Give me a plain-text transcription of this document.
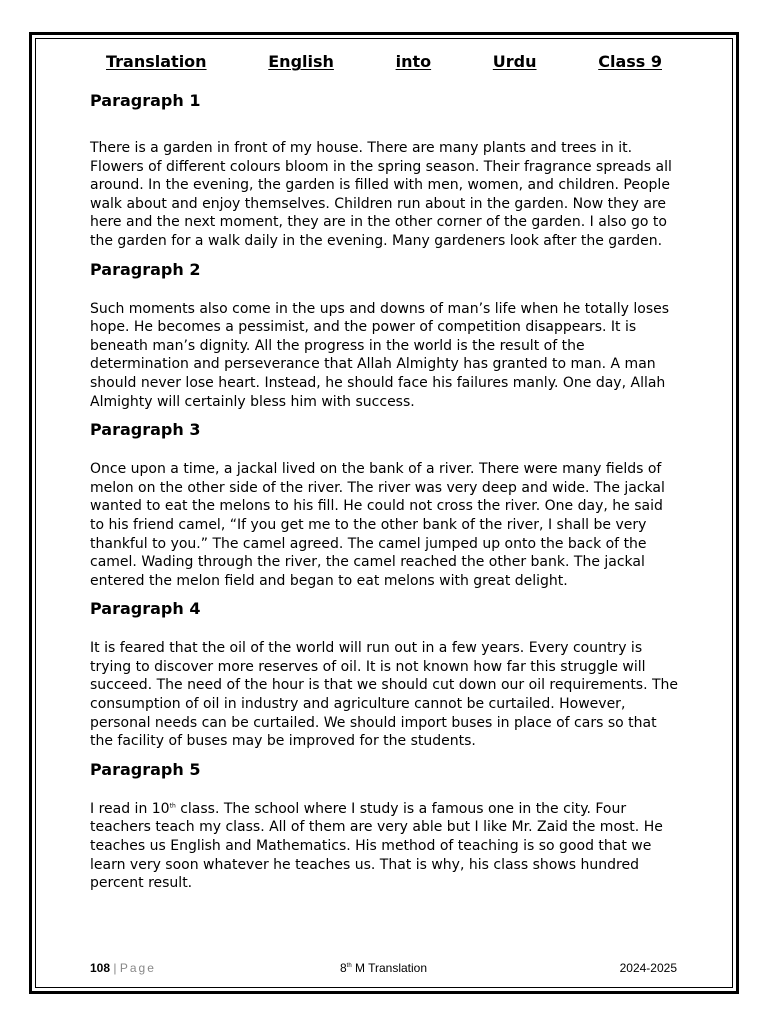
Translation	English	into	Urdu	Class 9
Paragraph 1

There is a garden in front of my house. There are many plants and trees in it. Flowers of different colours bloom in the spring season. Their fragrance spreads all around. In the evening, the garden is filled with men, women, and children. People walk about and enjoy themselves. Children run about in the garden. Now they are here and the next moment, they are in the other corner of the garden. I also go to the garden for a walk daily in the evening. Many gardeners look after the garden.

Paragraph 2

Such moments also come in the ups and downs of man’s life when he totally loses hope. He becomes a pessimist, and the power of competition disappears. It is beneath man’s dignity. All the progress in the world is the result of the determination and perseverance that Allah Almighty has granted to man. A man should never lose heart. Instead, he should face his failures manly. One day, Allah Almighty will certainly bless him with success.

Paragraph 3

Once upon a time, a jackal lived on the bank of a river. There were many fields of melon on the other side of the river. The river was very deep and wide. The jackal wanted to eat the melons to his fill. He could not cross the river. One day, he said to his friend camel, “If you get me to the other bank of the river, I shall be very thankful to you.” The camel agreed. The camel jumped up onto the back of the camel. Wading through the river, the camel reached the other bank. The jackal entered the melon field and began to eat melons with great delight.

Paragraph 4

It is feared that the oil of the world will run out in a few years. Every country is trying to discover more reserves of oil. It is not known how far this struggle will succeed. The need of the hour is that we should cut down our oil requirements. The consumption of oil in industry and agriculture cannot be curtailed. However, personal needs can be curtailed. We should import buses in place of cars so that the facility of buses may be improved for the students.

Paragraph 5

I read in 10th class. The school where I study is a famous one in the city. Four teachers teach my class. All of them are very able but I like Mr. Zaid the most. He teaches us English and Mathematics. His method of teaching is so good that we learn very soon whatever he teaches us. That is why, his class shows hundred percent result.

108 | Page	8th M Translation	2024-2025
